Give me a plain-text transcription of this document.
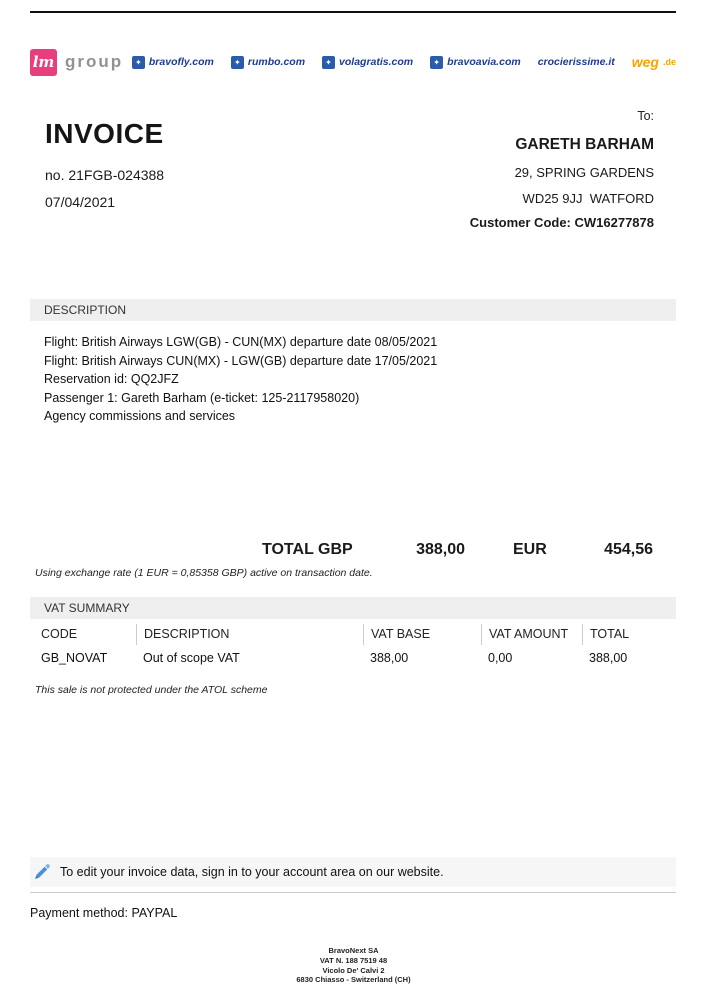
lm group	✦ bravofly.com	✦ rumbo.com	✦ volagratis.com	✦ bravoavia.com crocierissime.it weg .de
To:
INVOICE
no. 21FGB-024388
07/04/2021
GARETH BARHAM
29, SPRING GARDENS
WD25 9JJ  WATFORD
Customer Code: CW16277878
DESCRIPTION
Flight: British Airways LGW(GB) - CUN(MX) departure date 08/05/2021
Flight: British Airways CUN(MX) - LGW(GB) departure date 17/05/2021
Reservation id: QQ2JFZ
Passenger 1: Gareth Barham (e-ticket: 125-2117958020)
Agency commissions and services
TOTAL GBP	388,00	EUR	454,56
Using exchange rate (1 EUR = 0,85358 GBP) active on transaction date.
VAT SUMMARY
CODE	DESCRIPTION	VAT BASE	VAT AMOUNT	TOTAL
GB_NOVAT	Out of scope VAT	388,00	0,00	388,00
This sale is not protected under the ATOL scheme
To edit your invoice data, sign in to your account area on our website.
Payment method: PAYPAL
BravoNext SA
VAT N. 188 7519 48
Vicolo De' Calvi 2
6830 Chiasso - Switzerland (CH)
